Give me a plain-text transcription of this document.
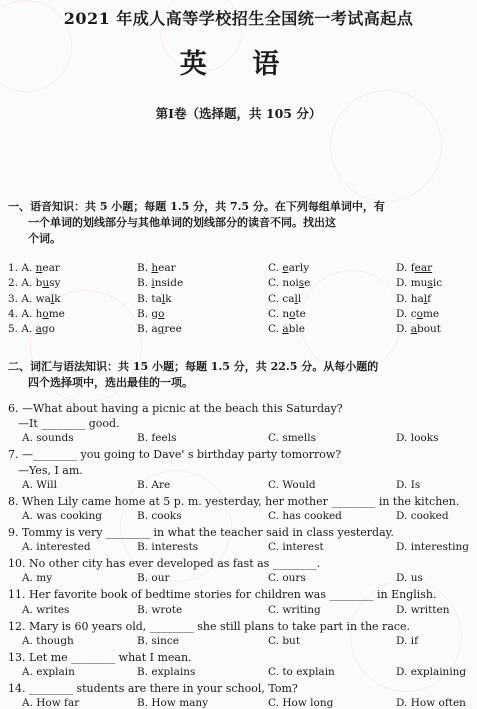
2021 年成人高等学校招生全国统一考试高起点
英 语
第Ⅰ卷（选择题，共 105 分）
一、语音知识：共 5 小题；每题 1.5 分，共 7.5 分。在下列每组单词中，有
一个单词的划线部分与其他单词的划线部分的读音不同。找出这
个词。
1. A. near	B. hear	C. early	D. fear
2. A. busy	B. inside	C. noise	D. music
3. A. walk	B. talk	C. call	D. half
4. A. home	B. go	C. note	D. come
5. A. ago	B. agree	C. able	D. about
二、词汇与语法知识：共 15 小题；每题 1.5 分，共 22.5 分。从每小题的
四个选择项中，选出最佳的一项。
6. —What about having a picnic at the beach this Saturday?
—It ________ good.
A. sounds	B. feels	C. smells	D. looks
7. —________ you going to Dave' s birthday party tomorrow?
—Yes, I am.
A. Will	B. Are	C. Would	D. Is
8. When Lily came home at 5 p. m. yesterday, her mother ________ in the kitchen.
A. was cooking	B. cooks	C. has cooked	D. cooked
9. Tommy is very ________ in what the teacher said in class yesterday.
A. interested	B. interests	C. interest	D. interesting
10. No other city has ever developed as fast as ________.
A. my	B. our	C. ours	D. us
11. Her favorite book of bedtime stories for children was ________ in English.
A. writes	B. wrote	C. writing	D. written
12. Mary is 60 years old, ________ she still plans to take part in the race.
A. though	B. since	C. but	D. if
13. Let me ________ what I mean.
A. explain	B. explains	C. to explain	D. explaining
14. ________ students are there in your school, Tom?
A. How far	B. How many	C. How long	D. How often
